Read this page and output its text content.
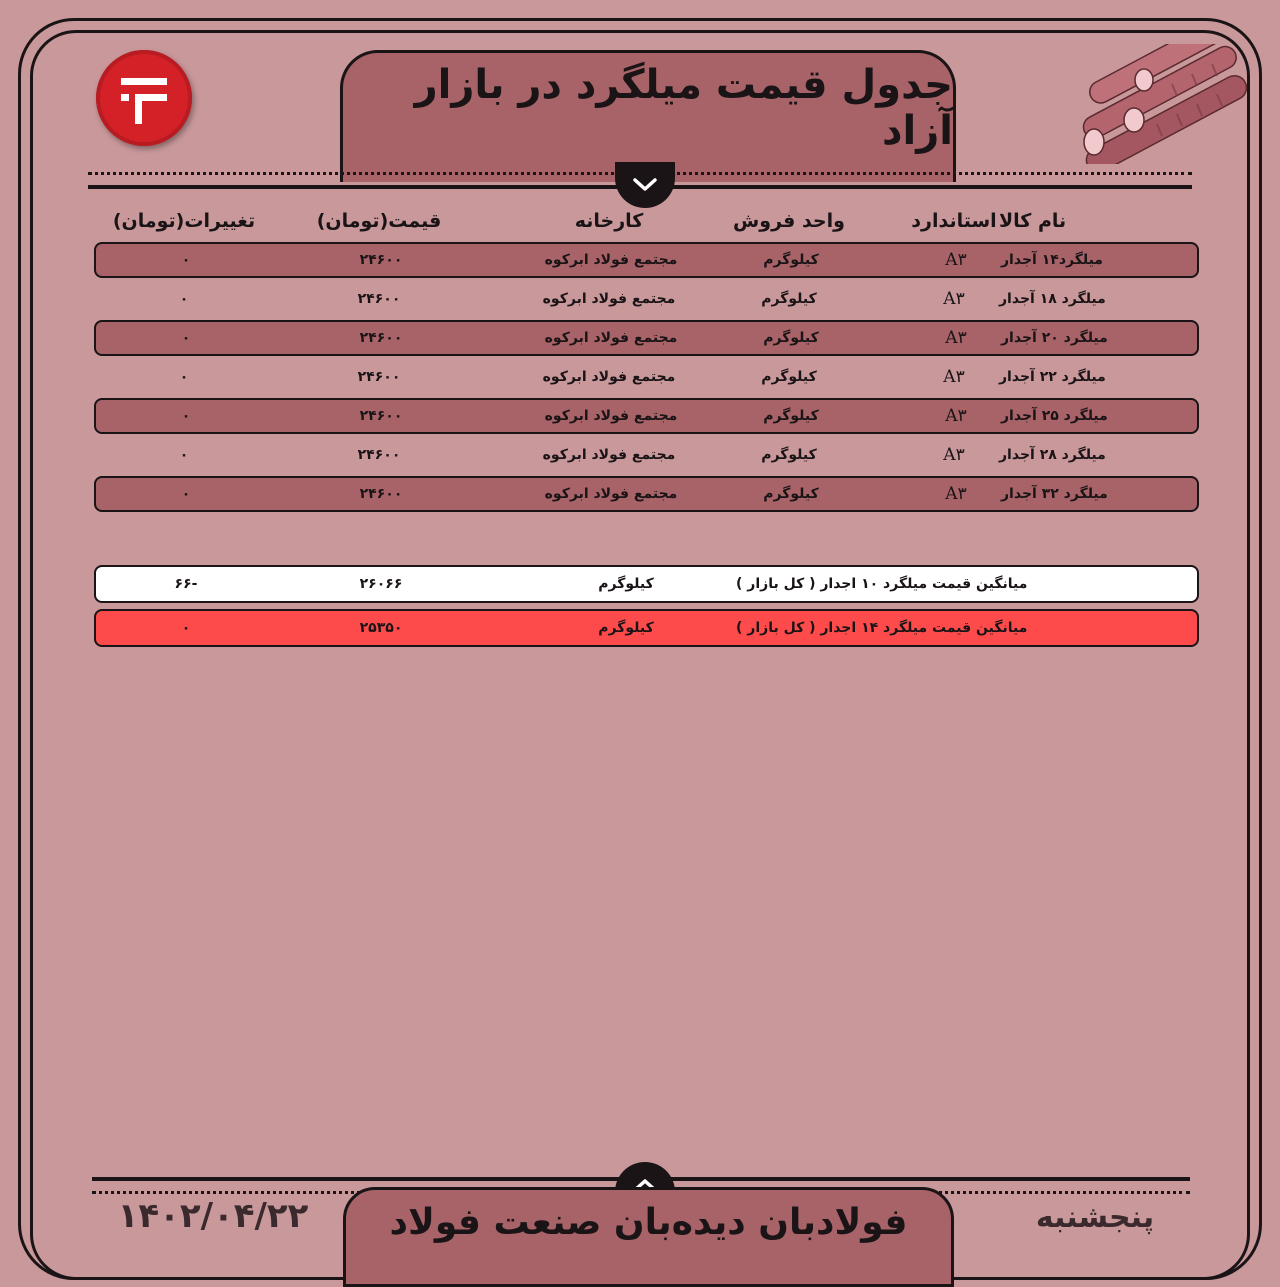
جدول قیمت میلگرد در بازار آزاد
نام کالا
استاندارد
واحد فروش
کارخانه
قیمت(تومان)
تغییرات(تومان)
میلگرد۱۴ آجدار
A۳
کیلوگرم
مجتمع فولاد ابرکوه
۲۴۶۰۰
۰
میلگرد ۱۸ آجدار
A۳
کیلوگرم
مجتمع فولاد ابرکوه
۲۴۶۰۰
۰
میلگرد ۲۰ آجدار
A۳
کیلوگرم
مجتمع فولاد ابرکوه
۲۴۶۰۰
۰
میلگرد ۲۲ آجدار
A۳
کیلوگرم
مجتمع فولاد ابرکوه
۲۴۶۰۰
۰
میلگرد ۲۵ آجدار
A۳
کیلوگرم
مجتمع فولاد ابرکوه
۲۴۶۰۰
۰
میلگرد ۲۸ آجدار
A۳
کیلوگرم
مجتمع فولاد ابرکوه
۲۴۶۰۰
۰
میلگرد ۳۲ آجدار
A۳
کیلوگرم
مجتمع فولاد ابرکوه
۲۴۶۰۰
۰
میانگین قیمت میلگرد ۱۰ اجدار ( کل بازار )
کیلوگرم
۲۶۰۶۶
-۶۶
میانگین قیمت میلگرد ۱۴ اجدار ( کل بازار )
کیلوگرم
۲۵۳۵۰
۰
فولادبان دیده‌بان صنعت فولاد
۱۴۰۲/۰۴/۲۲	پنجشنبه
